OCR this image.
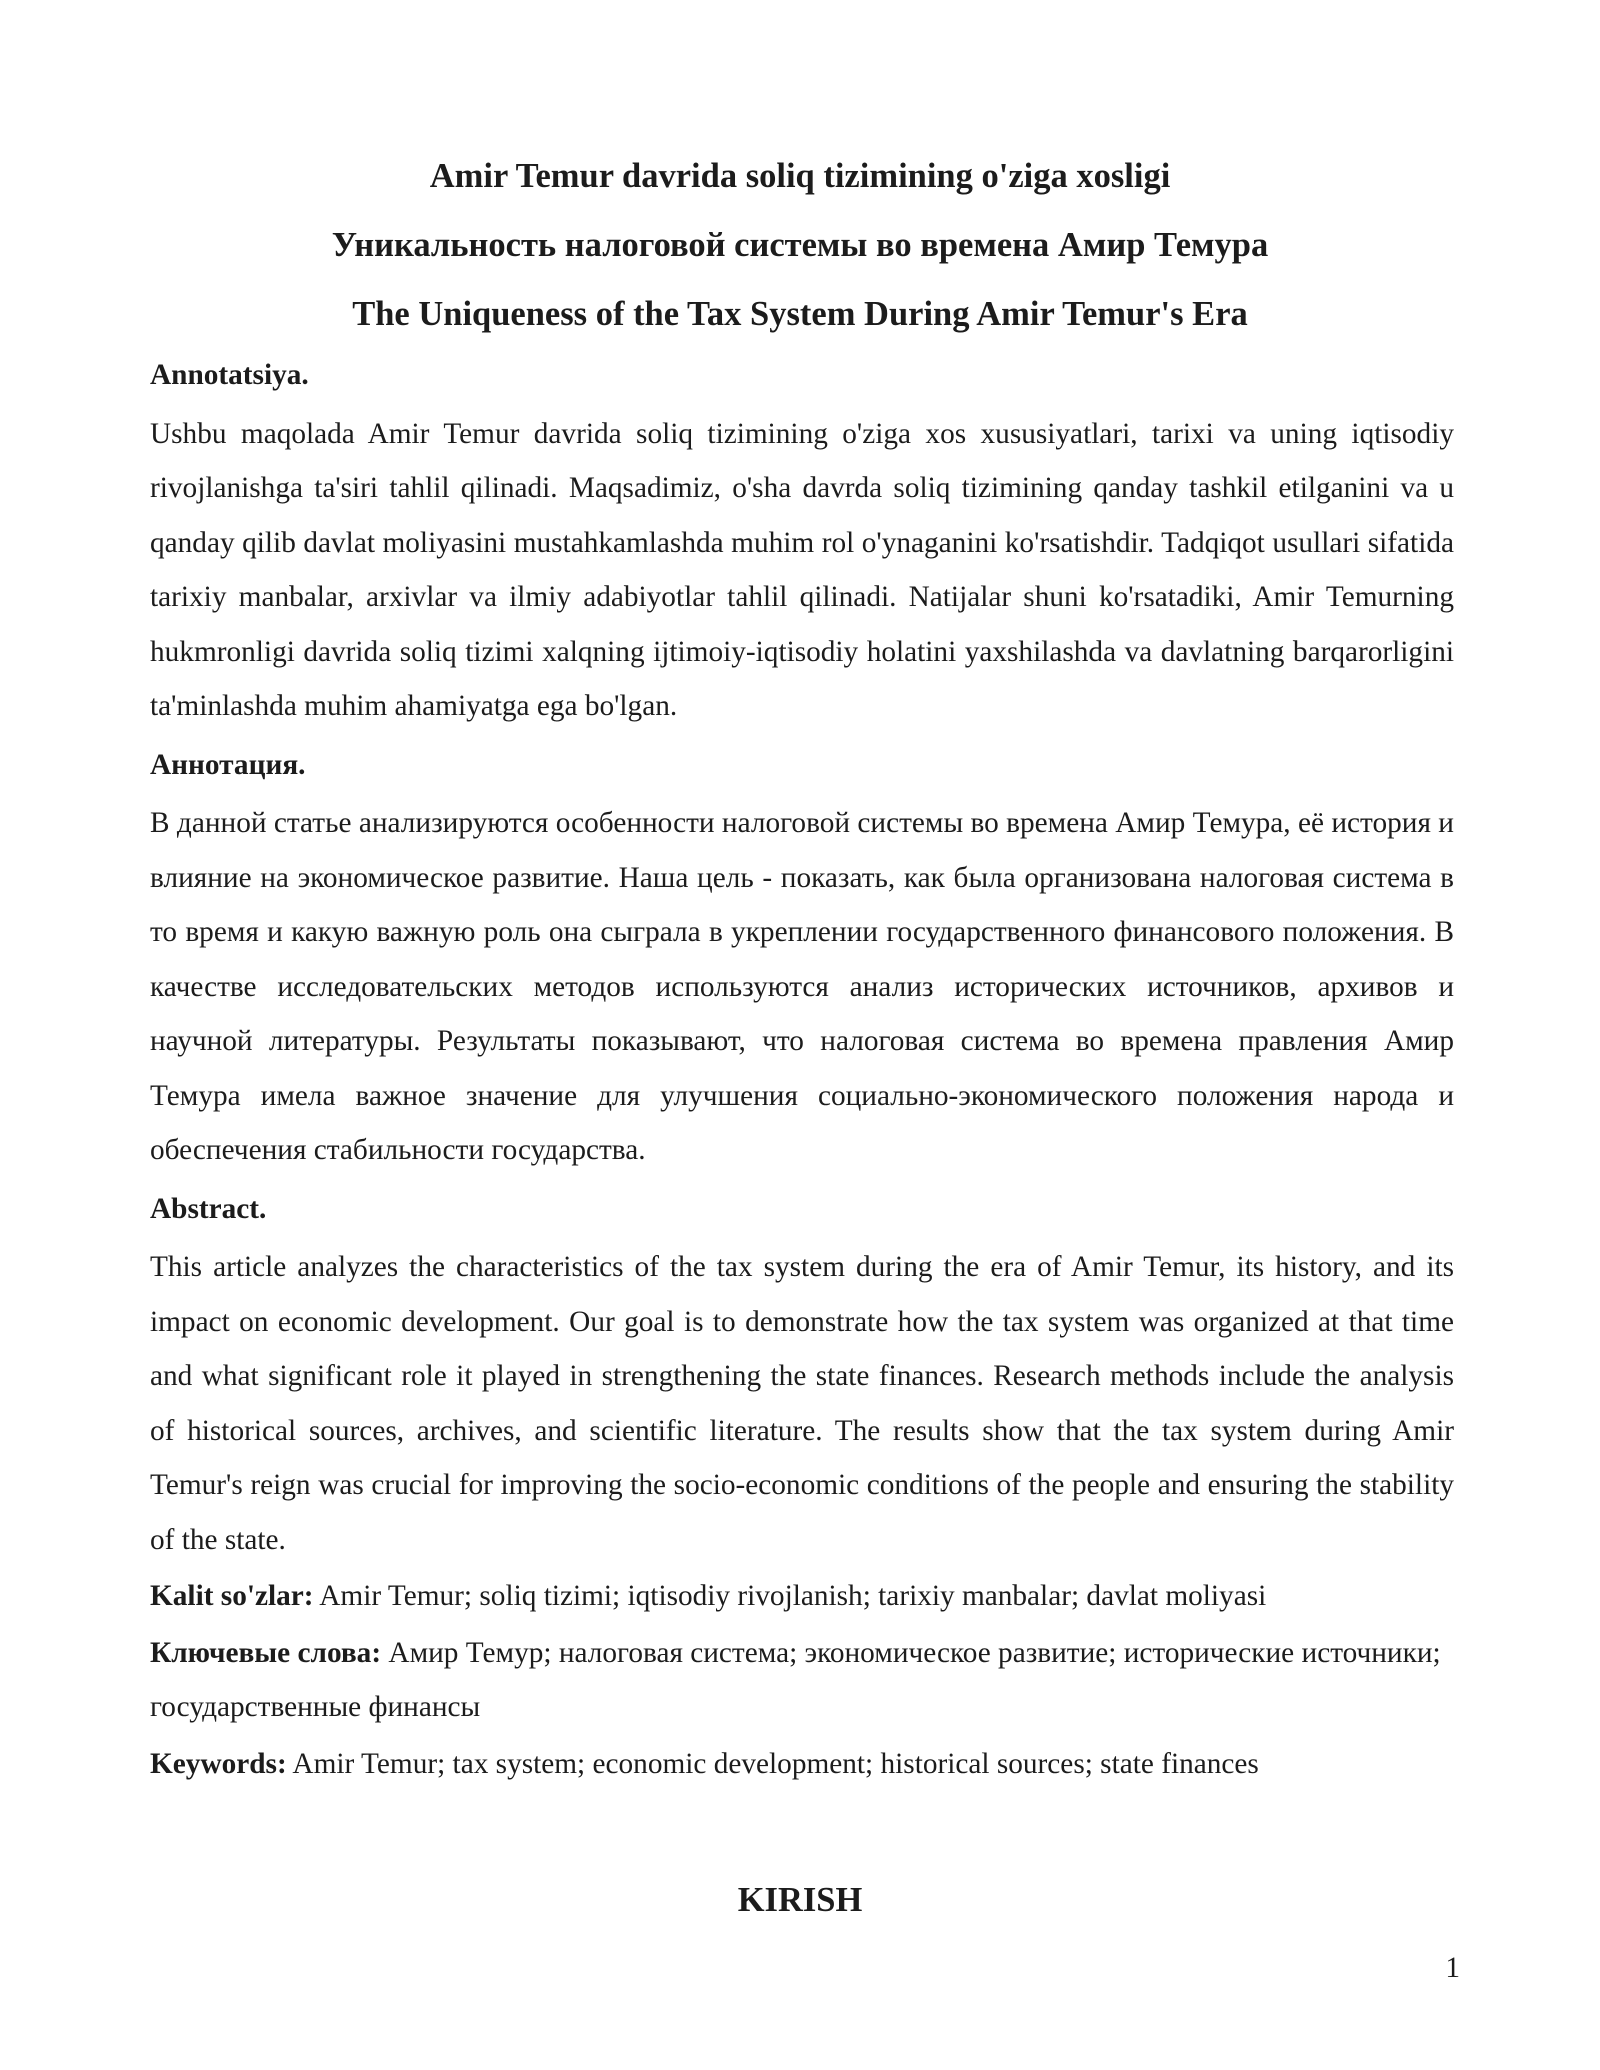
Amir Temur davrida soliq tizimining o'ziga xosligi
Уникальность налоговой системы во времена Амир Темура
The Uniqueness of the Tax System During Amir Temur's Era

Annotatsiya.

Ushbu maqolada Amir Temur davrida soliq tizimining o'ziga xos xususiyatlari, tarixi va uning iqtisodiy rivojlanishga ta'siri tahlil qilinadi. Maqsadimiz, o'sha davrda soliq tizimining qanday tashkil etilganini va u qanday qilib davlat moliyasini mustahkamlashda muhim rol o'ynaganini ko'rsatishdir. Tadqiqot usullari sifatida tarixiy manbalar, arxivlar va ilmiy adabiyotlar tahlil qilinadi. Natijalar shuni ko'rsatadiki, Amir Temurning hukmronligi davrida soliq tizimi xalqning ijtimoiy-iqtisodiy holatini yaxshilashda va davlatning barqarorligini ta'minlashda muhim ahamiyatga ega bo'lgan.

Аннотация.

В данной статье анализируются особенности налоговой системы во времена Амир Темура, её история и влияние на экономическое развитие. Наша цель - показать, как была организована налоговая система в то время и какую важную роль она сыграла в укреплении государственного финансового положения. В качестве исследовательских методов используются анализ исторических источников, архивов и научной литературы. Результаты показывают, что налоговая система во времена правления Амир Темура имела важное значение для улучшения социально-экономического положения народа и обеспечения стабильности государства.

Abstract.

This article analyzes the characteristics of the tax system during the era of Amir Temur, its history, and its impact on economic development. Our goal is to demonstrate how the tax system was organized at that time and what significant role it played in strengthening the state finances. Research methods include the analysis of historical sources, archives, and scientific literature. The results show that the tax system during Amir Temur's reign was crucial for improving the socio-economic conditions of the people and ensuring the stability of the state.

Kalit so'zlar: Amir Temur; soliq tizimi; iqtisodiy rivojlanish; tarixiy manbalar; davlat moliyasi

Ключевые слова: Амир Темур; налоговая система; экономическое развитие; исторические источники; государственные финансы

Keywords: Amir Temur; tax system; economic development; historical sources; state finances

KIRISH
1
